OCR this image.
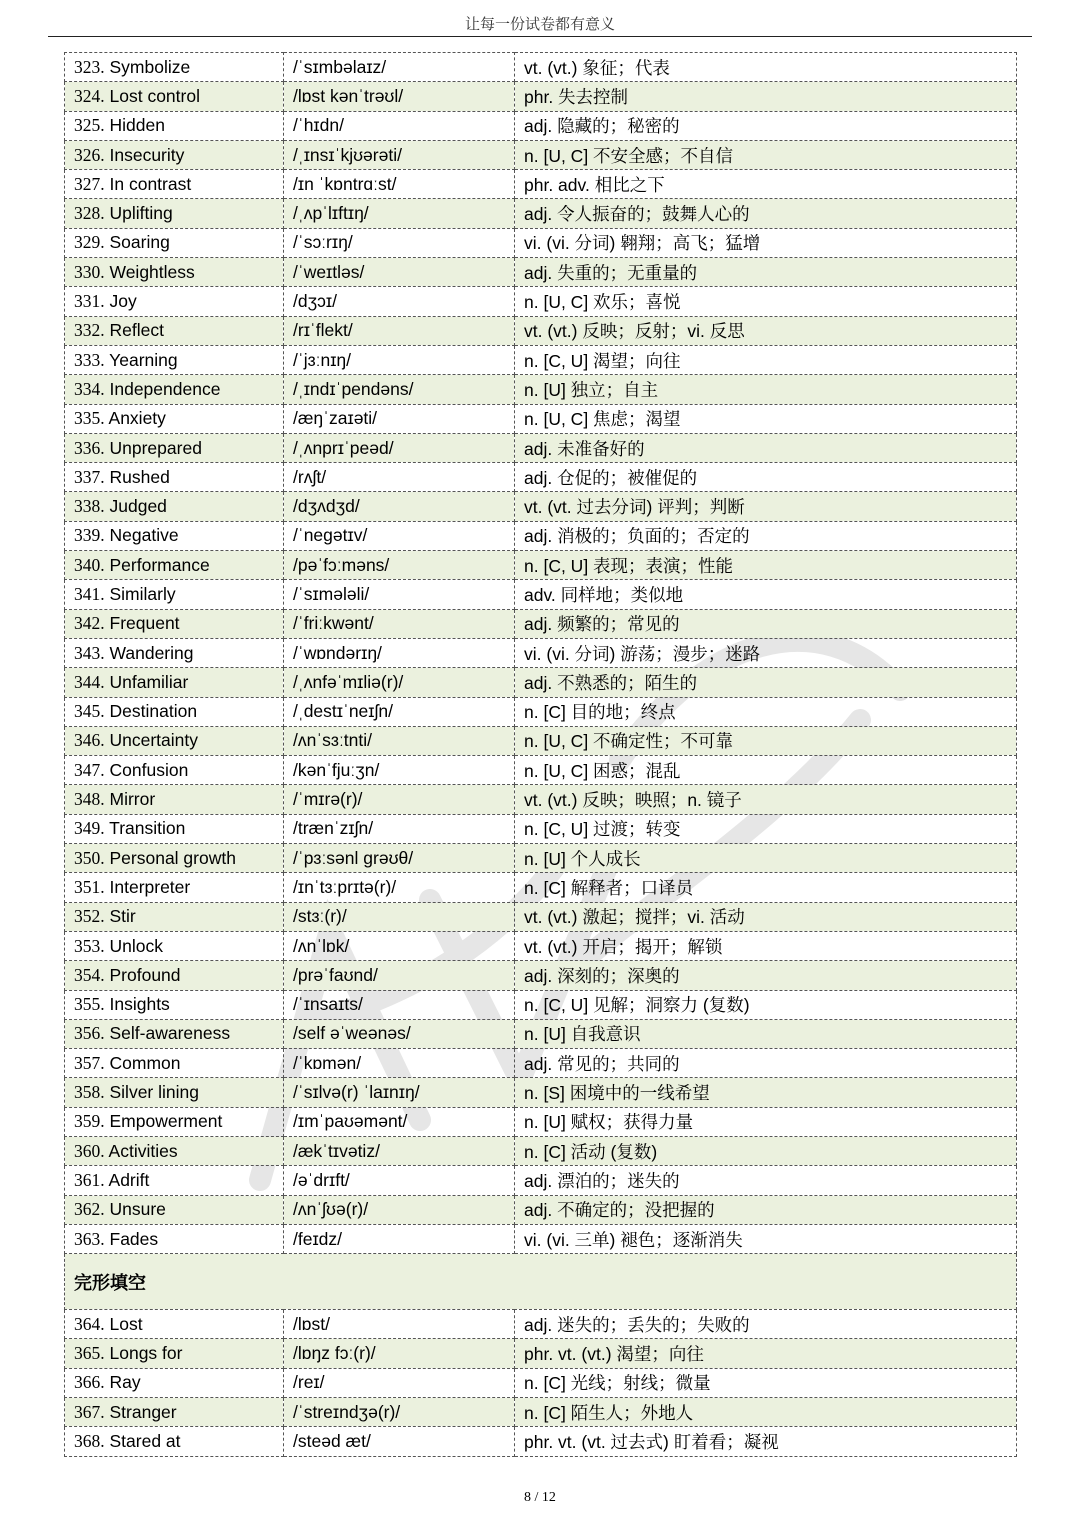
让每一份试卷都有意义
323. Symbolize	/ˈsɪmbəlaɪz/	vt. (vt.) 象征；代表
324. Lost control	/lɒst kənˈtrəʊl/	phr. 失去控制
325. Hidden	/ˈhɪdn/	adj. 隐藏的；秘密的
326. Insecurity	/ˌɪnsɪˈkjʊərəti/	n. [U, C] 不安全感；不自信
327. In contrast	/ɪn ˈkɒntrɑːst/	phr. adv. 相比之下
328. Uplifting	/ˌʌpˈlɪftɪŋ/	adj. 令人振奋的；鼓舞人心的
329. Soaring	/ˈsɔːrɪŋ/	vi. (vi. 分词) 翱翔；高飞；猛增
330. Weightless	/ˈweɪtləs/	adj. 失重的；无重量的
331. Joy	/dʒɔɪ/	n. [U, C] 欢乐；喜悦
332. Reflect	/rɪˈflekt/	vt. (vt.) 反映；反射；vi. 反思
333. Yearning	/ˈjɜːnɪŋ/	n. [C, U] 渴望；向往
334. Independence	/ˌɪndɪˈpendəns/	n. [U] 独立；自主
335. Anxiety	/æŋˈzaɪəti/	n. [U, C] 焦虑；渴望
336. Unprepared	/ˌʌnprɪˈpeəd/	adj. 未准备好的
337. Rushed	/rʌʃt/	adj. 仓促的；被催促的
338. Judged	/dʒʌdʒd/	vt. (vt. 过去分词) 评判；判断
339. Negative	/ˈneɡətɪv/	adj. 消极的；负面的；否定的
340. Performance	/pəˈfɔːməns/	n. [C, U] 表现；表演；性能
341. Similarly	/ˈsɪmələli/	adv. 同样地；类似地
342. Frequent	/ˈfriːkwənt/	adj. 频繁的；常见的
343. Wandering	/ˈwɒndərɪŋ/	vi. (vi. 分词) 游荡；漫步；迷路
344. Unfamiliar	/ˌʌnfəˈmɪliə(r)/	adj. 不熟悉的；陌生的
345. Destination	/ˌdestɪˈneɪʃn/	n. [C] 目的地；终点
346. Uncertainty	/ʌnˈsɜːtnti/	n. [U, C] 不确定性；不可靠
347. Confusion	/kənˈfjuːʒn/	n. [U, C] 困惑；混乱
348. Mirror	/ˈmɪrə(r)/	vt. (vt.) 反映；映照；n. 镜子
349. Transition	/trænˈzɪʃn/	n. [C, U] 过渡；转变
350. Personal growth	/ˈpɜːsənl ɡrəʊθ/	n. [U] 个人成长
351. Interpreter	/ɪnˈtɜːprɪtə(r)/	n. [C] 解释者；口译员
352. Stir	/stɜː(r)/	vt. (vt.) 激起；搅拌；vi. 活动
353. Unlock	/ʌnˈlɒk/	vt. (vt.) 开启；揭开；解锁
354. Profound	/prəˈfaʊnd/	adj. 深刻的；深奥的
355. Insights	/ˈɪnsaɪts/	n. [C, U] 见解；洞察力 (复数)
356. Self-awareness	/self əˈweənəs/	n. [U] 自我意识
357. Common	/ˈkɒmən/	adj. 常见的；共同的
358. Silver lining	/ˈsɪlvə(r) ˈlaɪnɪŋ/	n. [S] 困境中的一线希望
359. Empowerment	/ɪmˈpaʊəmənt/	n. [U] 赋权；获得力量
360. Activities	/ækˈtɪvətiz/	n. [C] 活动 (复数)
361. Adrift	/əˈdrɪft/	adj. 漂泊的；迷失的
362. Unsure	/ʌnˈʃʊə(r)/	adj. 不确定的；没把握的
363. Fades	/feɪdz/	vi. (vi. 三单) 褪色；逐渐消失
完形填空		
364. Lost	/lɒst/	adj. 迷失的；丢失的；失败的
365. Longs for	/lɒŋz fɔː(r)/	phr. vt. (vt.) 渴望；向往
366. Ray	/reɪ/	n. [C] 光线；射线；微量
367. Stranger	/ˈstreɪndʒə(r)/	n. [C] 陌生人；外地人
368. Stared at	/steəd æt/	phr. vt. (vt. 过去式) 盯着看；凝视
8 / 12
